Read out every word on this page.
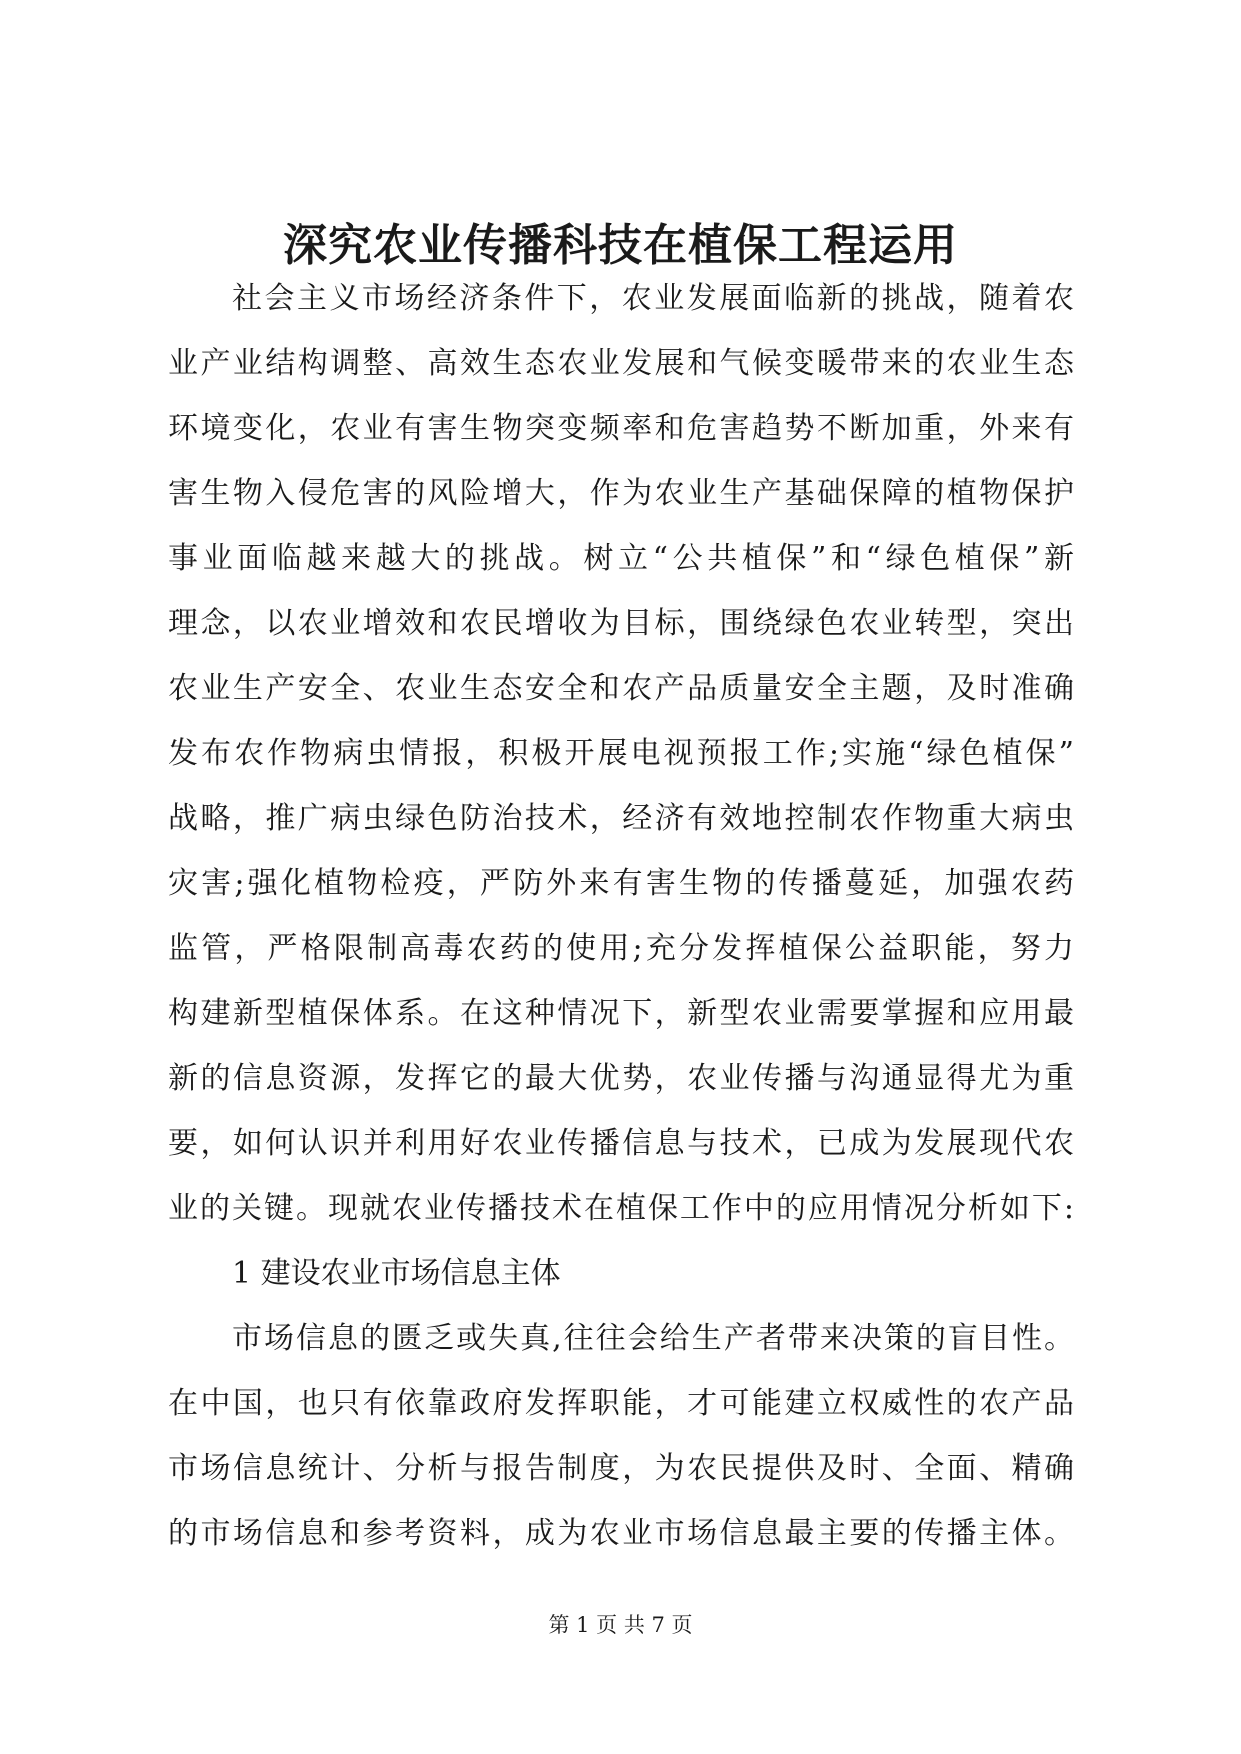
深究农业传播科技在植保工程运用
社会主义市场经济条件下，农业发展面临新的挑战，随着农
业产业结构调整、高效生态农业发展和气候变暖带来的农业生态
环境变化，农业有害生物突变频率和危害趋势不断加重，外来有
害生物入侵危害的风险增大，作为农业生产基础保障的植物保护
事业面临越来越大的挑战。树立“公共植保”和“绿色植保”新
理念，以农业增效和农民增收为目标，围绕绿色农业转型，突出
农业生产安全、农业生态安全和农产品质量安全主题，及时准确
发布农作物病虫情报，积极开展电视预报工作;实施“绿色植保”
战略，推广病虫绿色防治技术，经济有效地控制农作物重大病虫
灾害;强化植物检疫，严防外来有害生物的传播蔓延，加强农药
监管，严格限制高毒农药的使用;充分发挥植保公益职能，努力
构建新型植保体系。在这种情况下，新型农业需要掌握和应用最
新的信息资源，发挥它的最大优势，农业传播与沟通显得尤为重
要，如何认识并利用好农业传播信息与技术，已成为发展现代农
业的关键。现就农业传播技术在植保工作中的应用情况分析如下:
1 建设农业市场信息主体
市场信息的匮乏或失真,往往会给生产者带来决策的盲目性。
在中国，也只有依靠政府发挥职能，才可能建立权威性的农产品
市场信息统计、分析与报告制度，为农民提供及时、全面、精确
的市场信息和参考资料，成为农业市场信息最主要的传播主体。
第 1 页 共 7 页
